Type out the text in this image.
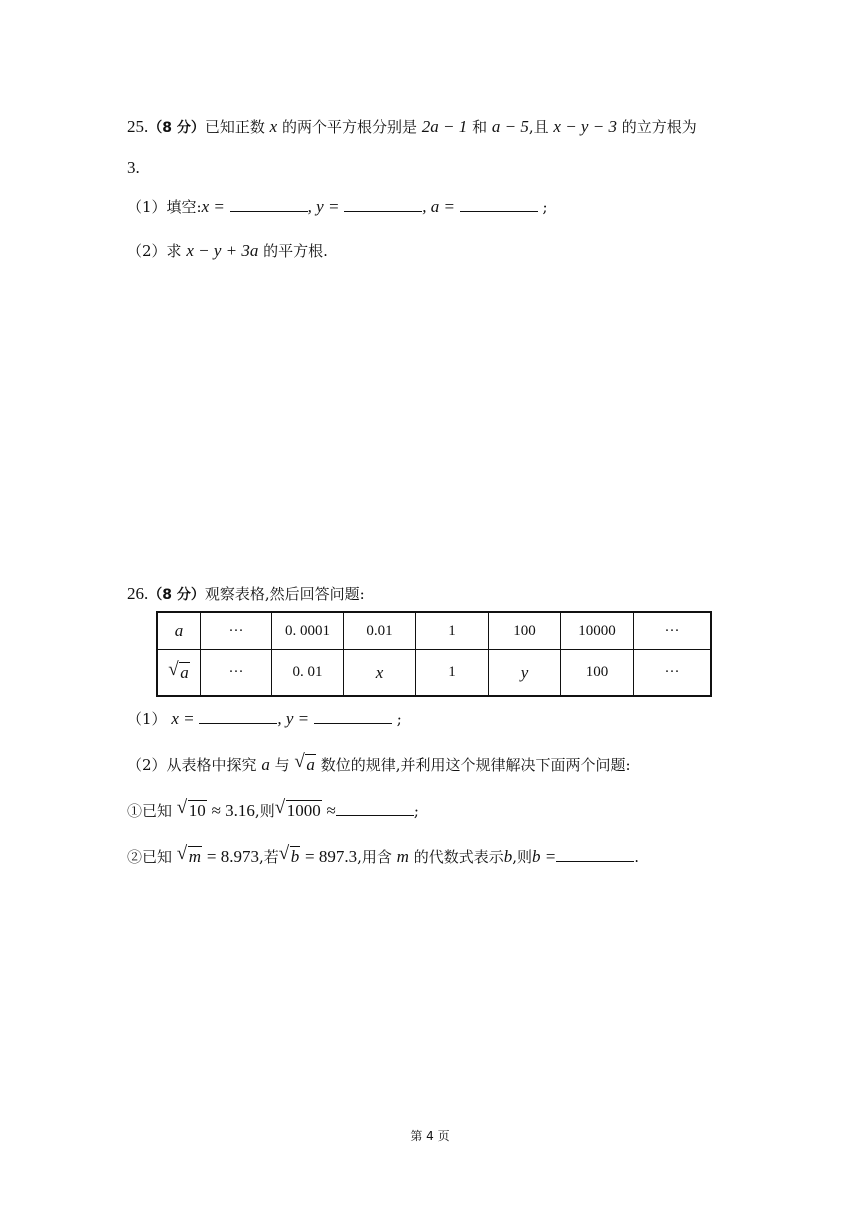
25.（8 分）已知正数 x 的两个平方根分别是 2a − 1 和 a − 5,且 x − y − 3 的立方根为
3.
（1）填空:x =	, y =	, a =	;
（2）求 x − y + 3a 的平方根.
26.（8 分）观察表格,然后回答问题:
a	···	0. 0001	0.01	1	100	10000	···

√ a	···	0. 01	x	1	y	100	···
（1） x =	, y =	;
（2）从表格中探究 a 与 √ a 数位的规律,并利用这个规律解决下面两个问题:
①已知 √ 10 ≈ 3.16,则 √ 1000 ≈	;
②已知 √ m = 8.973,若 √ b = 897.3,用含 m 的代数式表示b,则b =	.
第 4 页
